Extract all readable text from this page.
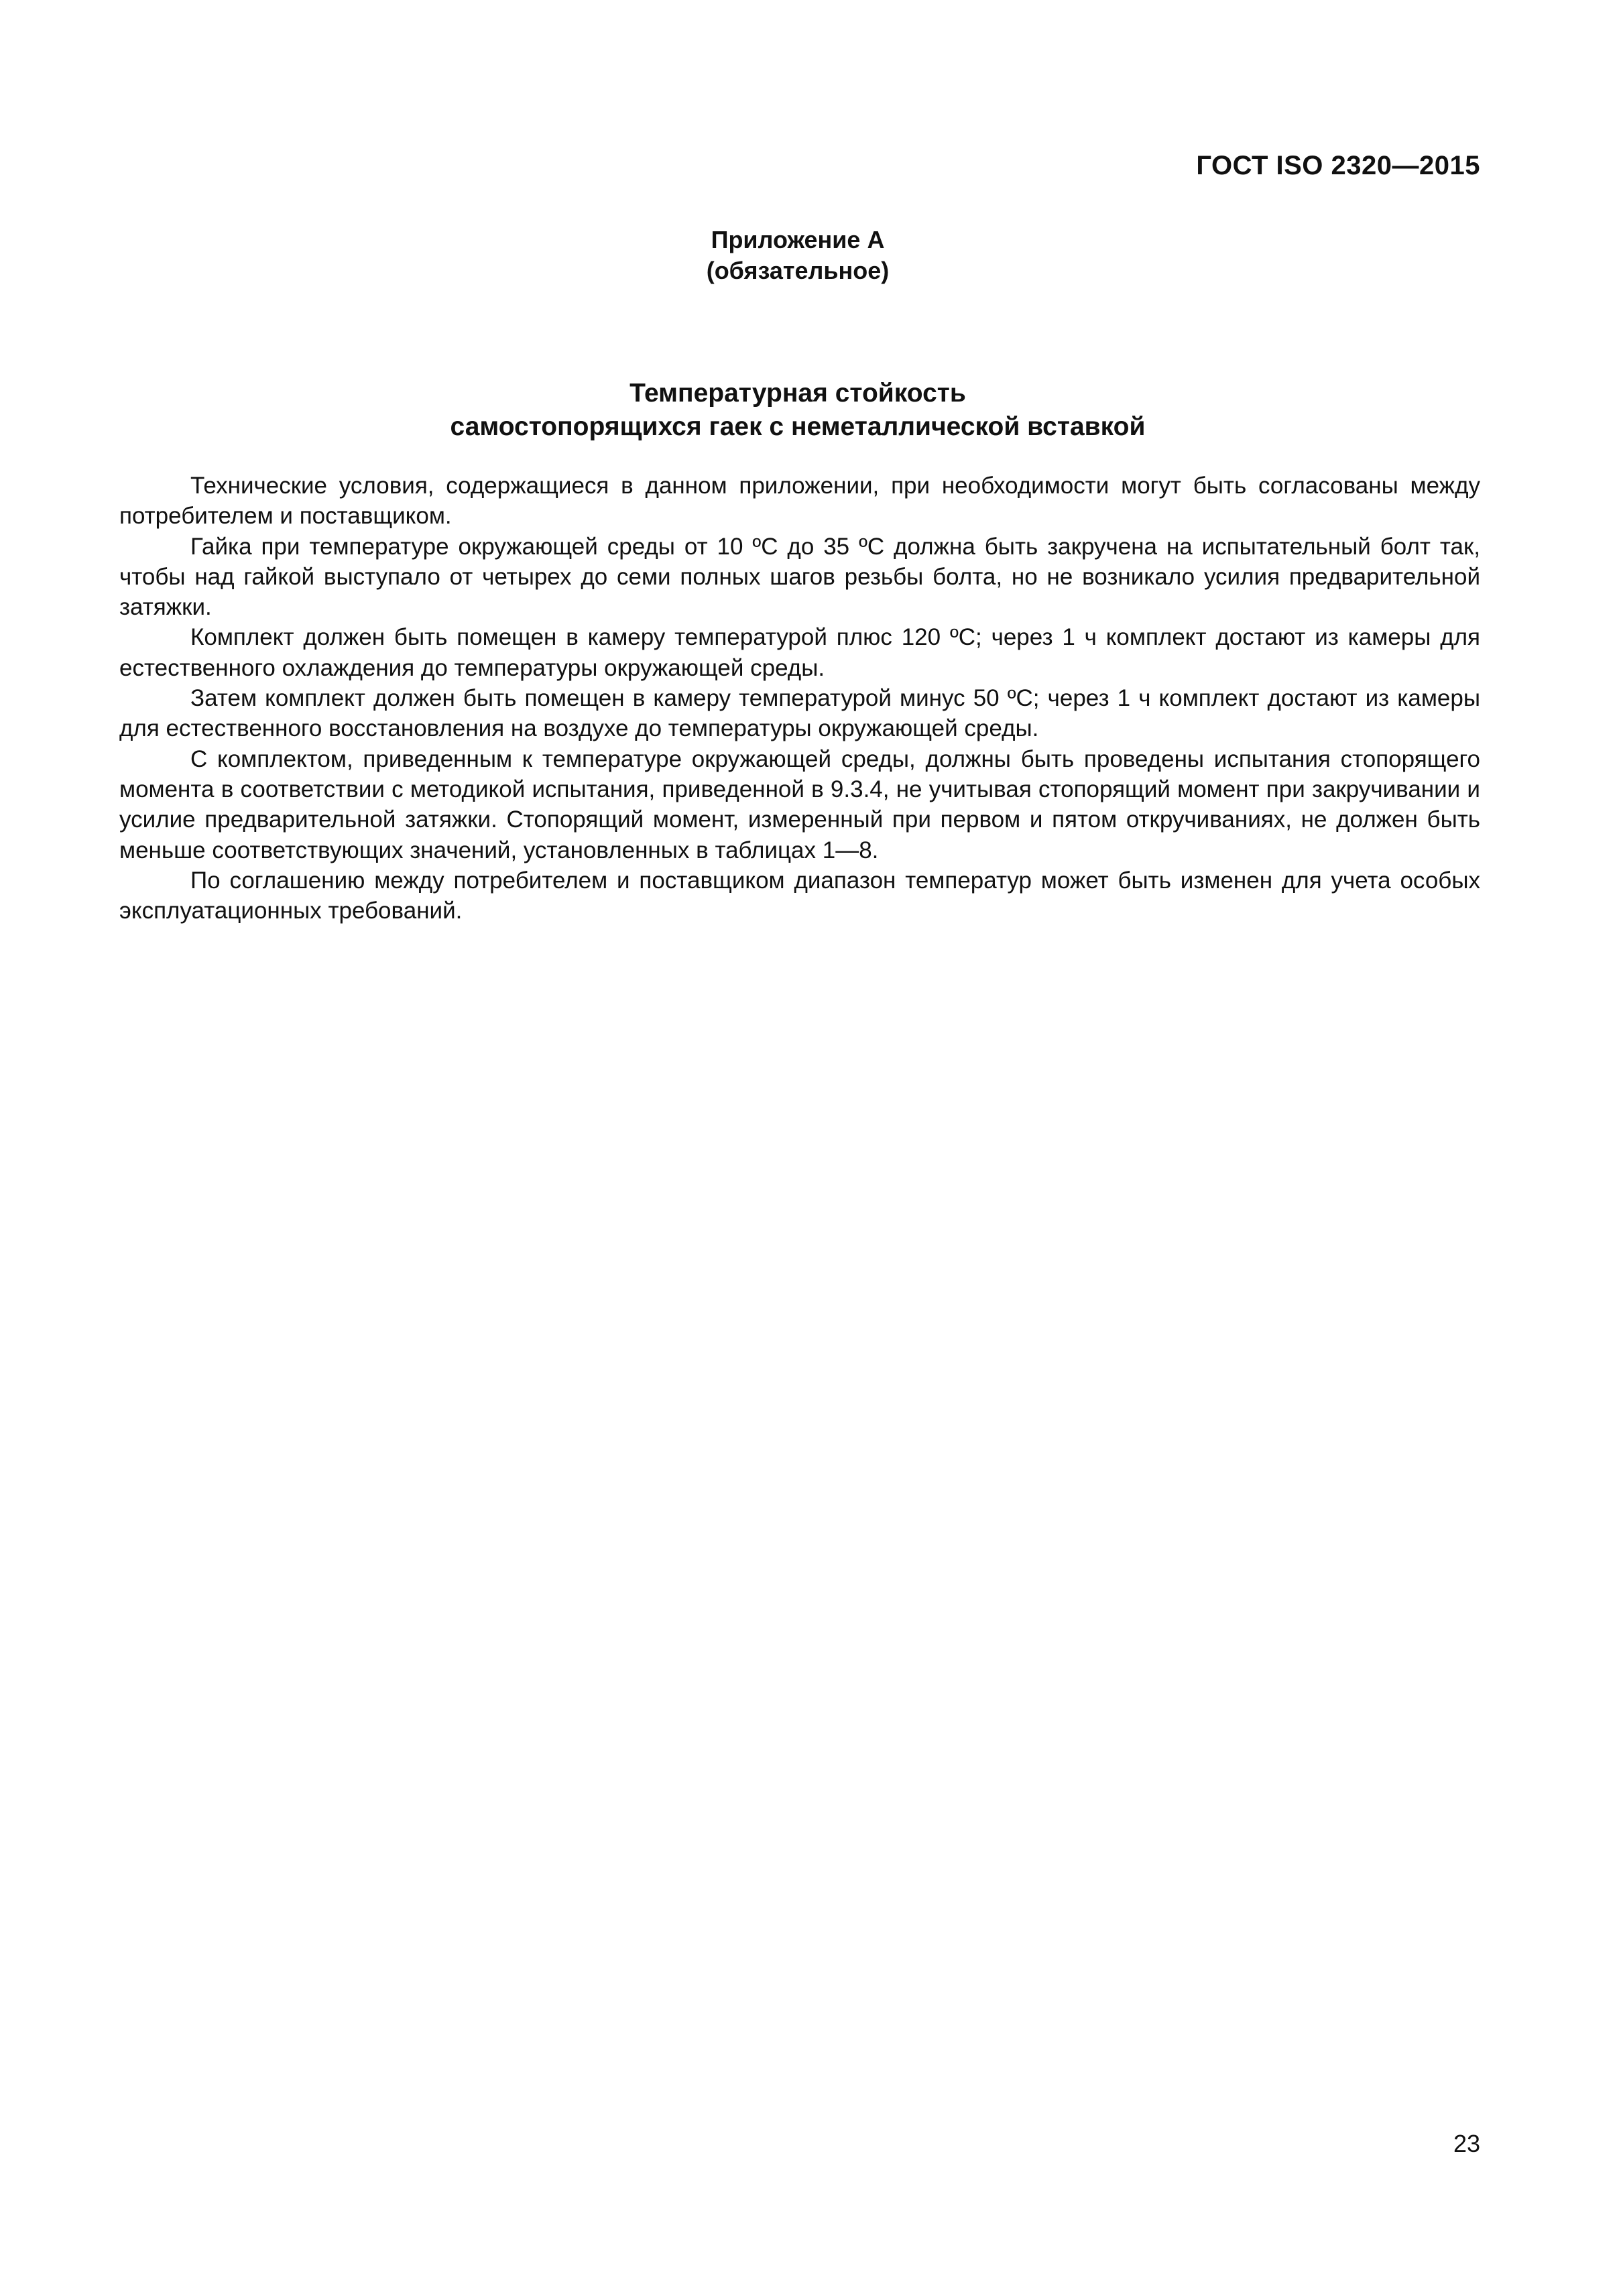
ГОСТ ISO 2320—2015
Приложение А
(обязательное)
Температурная стойкость
самостопорящихся гаек с неметаллической вставкой

Технические условия, содержащиеся в данном приложении, при необходимости могут быть согласованы между потребителем и поставщиком.

Гайка при температуре окружающей среды от 10 ºС до 35 ºС должна быть закручена на испытательный болт так, чтобы над гайкой выступало от четырех до семи полных шагов резьбы болта, но не возникало усилия предварительной затяжки.

Комплект должен быть помещен в камеру температурой плюс 120 ºС; через 1 ч комплект достают из камеры для естественного охлаждения до температуры окружающей среды.

Затем комплект должен быть помещен в камеру температурой минус 50 ºС; через 1 ч комплект достают из камеры для естественного восстановления на воздухе до температуры окружающей среды.

С комплектом, приведенным к температуре окружающей среды, должны быть проведены испытания стопорящего момента в соответствии с методикой испытания, приведенной в 9.3.4, не учитывая стопорящий момент при закручивании и усилие предварительной затяжки. Стопорящий момент, измеренный при первом и пятом откручиваниях, не должен быть меньше соответствующих значений, установленных в таблицах 1—8.

По соглашению между потребителем и поставщиком диапазон температур может быть изменен для учета особых эксплуатационных требований.

23
